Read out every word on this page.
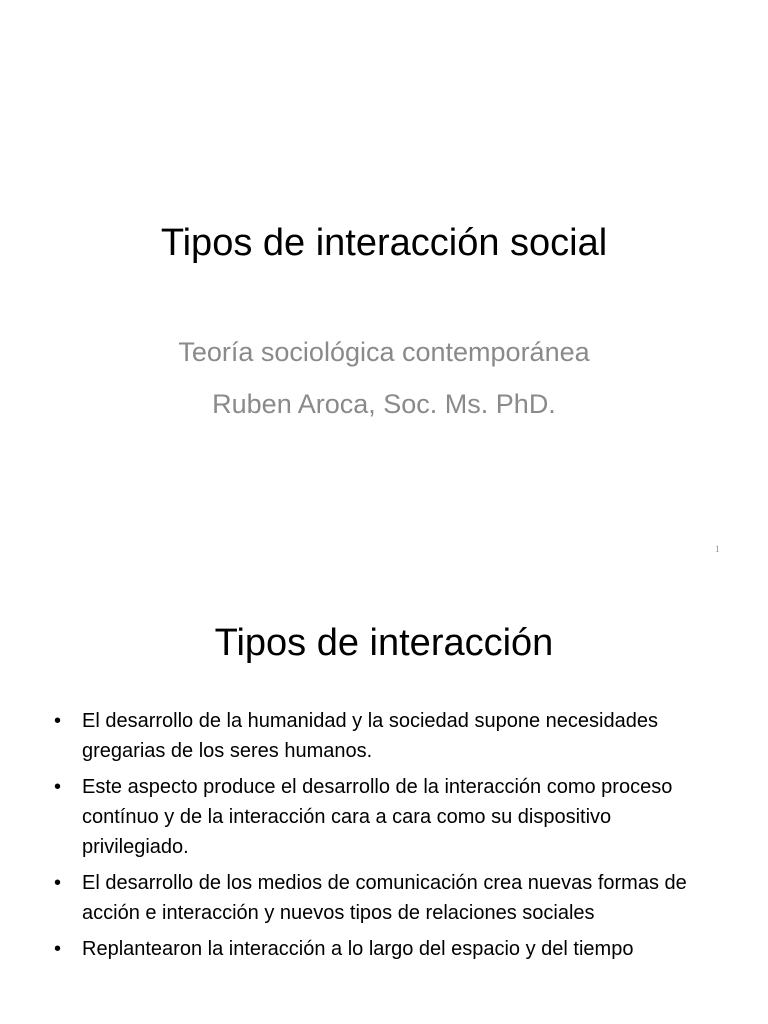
Tipos de interacción social
Teoría sociológica contemporánea
Ruben Aroca, Soc. Ms. PhD.
1
Tipos de interacción
• El desarrollo de la humanidad y la sociedad supone necesidades gregarias de los seres humanos.
• Este aspecto produce el desarrollo de la interacción como proceso contínuo y de la interacción cara a cara como su dispositivo privilegiado.
• El desarrollo de los medios de comunicación crea nuevas formas de acción e interacción y nuevos tipos de relaciones sociales
• Replantearon la interacción a lo largo del espacio y del tiempo
